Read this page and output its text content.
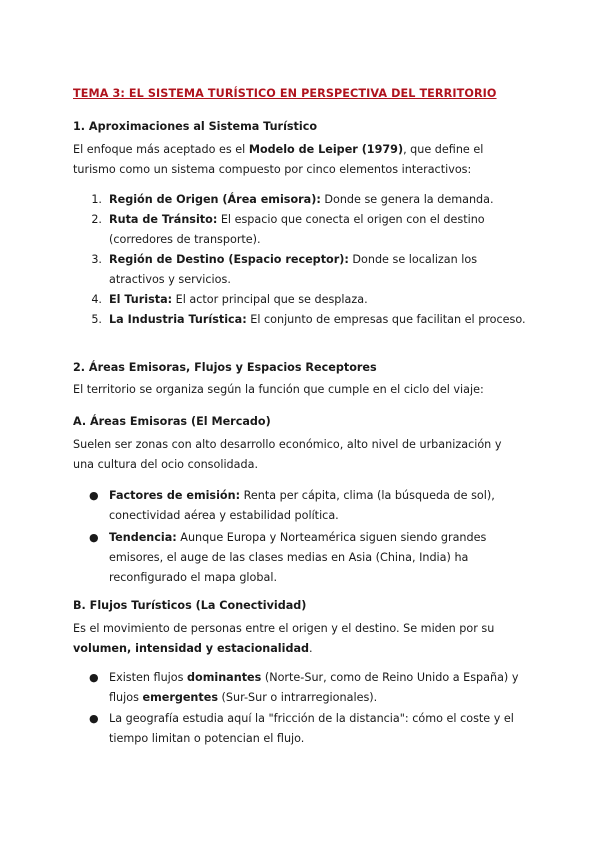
TEMA 3: EL SISTEMA TURÍSTICO EN PERSPECTIVA DEL TERRITORIO
1. Aproximaciones al Sistema Turístico
El enfoque más aceptado es el Modelo de Leiper (1979), que define el turismo como un sistema compuesto por cinco elementos interactivos:
1. Región de Origen (Área emisora): Donde se genera la demanda.
2. Ruta de Tránsito: El espacio que conecta el origen con el destino (corredores de transporte).
3. Región de Destino (Espacio receptor): Donde se localizan los atractivos y servicios.
4. El Turista: El actor principal que se desplaza.
5. La Industria Turística: El conjunto de empresas que facilitan el proceso.
2. Áreas Emisoras, Flujos y Espacios Receptores
El territorio se organiza según la función que cumple en el ciclo del viaje:
A. Áreas Emisoras (El Mercado)
Suelen ser zonas con alto desarrollo económico, alto nivel de urbanización y una cultura del ocio consolidada.
● Factores de emisión: Renta per cápita, clima (la búsqueda de sol), conectividad aérea y estabilidad política.
● Tendencia: Aunque Europa y Norteamérica siguen siendo grandes emisores, el auge de las clases medias en Asia (China, India) ha reconfigurado el mapa global.
B. Flujos Turísticos (La Conectividad)
Es el movimiento de personas entre el origen y el destino. Se miden por su volumen, intensidad y estacionalidad.
● Existen flujos dominantes (Norte-Sur, como de Reino Unido a España) y flujos emergentes (Sur-Sur o intrarregionales).
● La geografía estudia aquí la "fricción de la distancia": cómo el coste y el tiempo limitan o potencian el flujo.
